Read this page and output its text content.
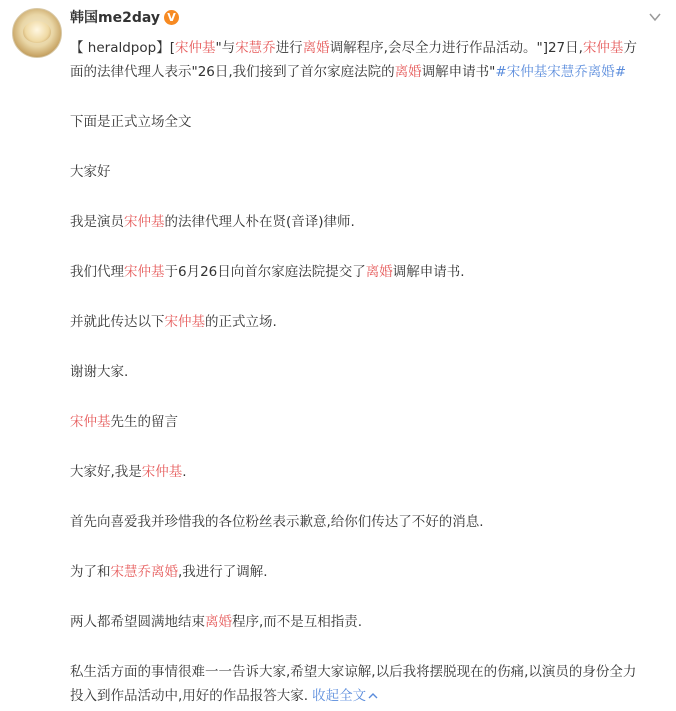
韩国me2day V
【 heraldpop】[宋仲基"与宋慧乔进行离婚调解程序,会尽全力进行作品活动。"]27日,宋仲基方
面的法律代理人表示"26日,我们接到了首尔家庭法院的离婚调解申请书"#宋仲基宋慧乔离婚#
下面是正式立场全文
大家好
我是演员宋仲基的法律代理人朴在贤(音译)律师.
我们代理宋仲基于6月26日向首尔家庭法院提交了离婚调解申请书.
并就此传达以下宋仲基的正式立场.
谢谢大家.
宋仲基先生的留言
大家好,我是宋仲基.
首先向喜爱我并珍惜我的各位粉丝表示歉意,给你们传达了不好的消息.
为了和宋慧乔离婚,我进行了调解.
两人都希望圆满地结束离婚程序,而不是互相指责.
私生活方面的事情很难一一告诉大家,希望大家谅解,以后我将摆脱现在的伤痛,以演员的身份全力
投入到作品活动中,用好的作品报答大家. 收起全文
